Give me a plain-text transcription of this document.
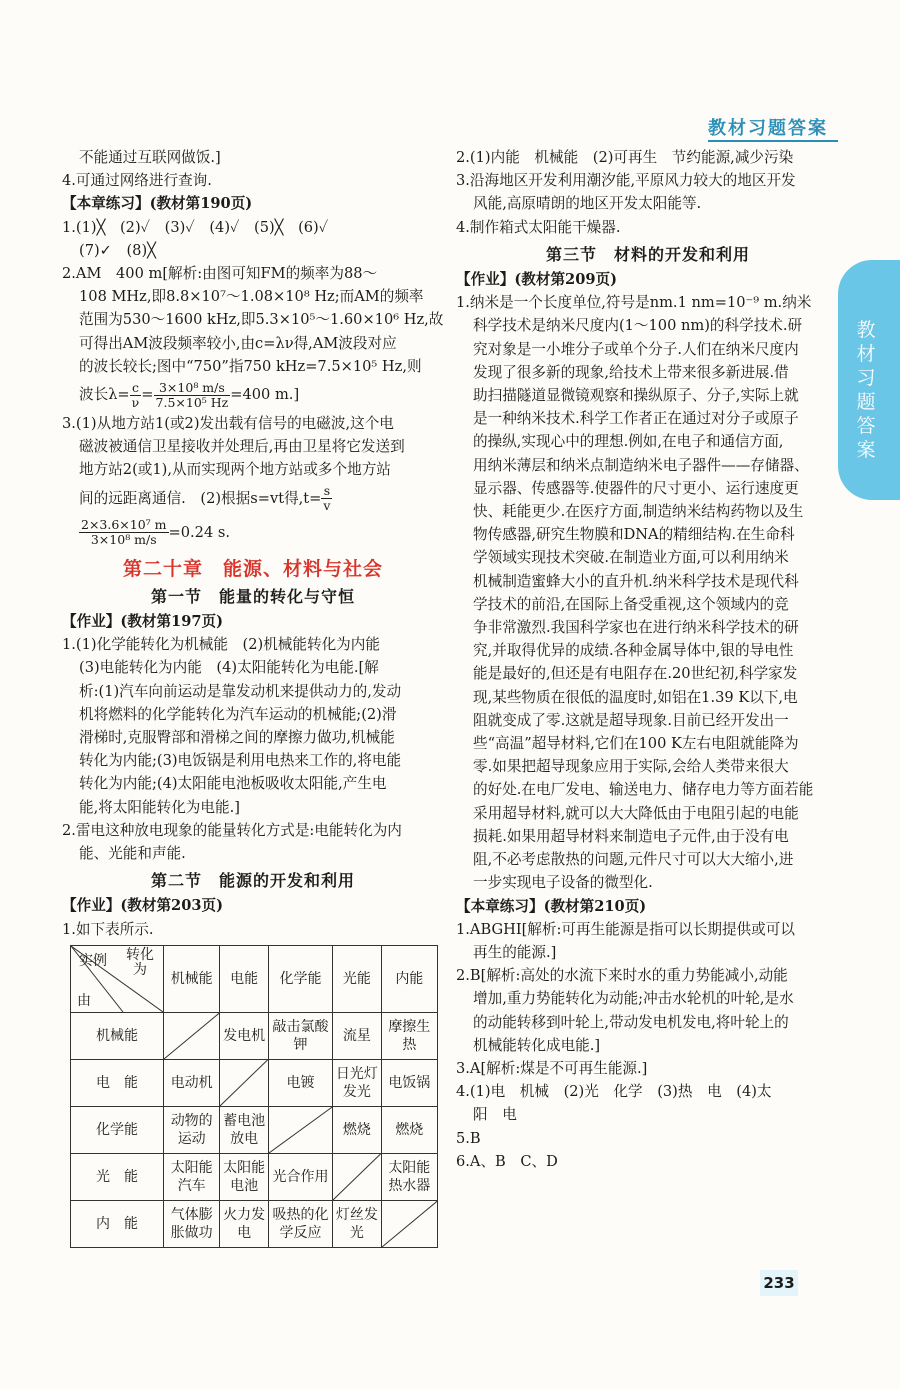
教材习题答案
教材习题答案

不能通过互联网做饭.]

4.可通过网络进行查询.

【本章练习】(教材第190页)

1.(1)╳　(2)✓　(3)✓　(4)✓　(5)╳　(6)✓

(7)✓　(8)╳

2.AM　400 m[解析:由图可知FM的频率为88～

108 MHz,即8.8×10⁷～1.08×10⁸ Hz;而AM的频率

范围为530～1600 kHz,即5.3×10⁵～1.60×10⁶ Hz,故

可得出AM波段频率较小,由c=λν得,AM波段对应

的波长较长;图中“750”指750 kHz=7.5×10⁵ Hz,则

波长$\lambda= \frac{c}{\nu} = \frac{\text{3×10⁸ m/s}}{\text{7.5×10⁵ Hz}} =400$ m.]

3.(1)从地方站1(或2)发出载有信号的电磁波,这个电

磁波被通信卫星接收并处理后,再由卫星将它发送到

地方站2(或1),从而实现两个地方站或多个地方站

间的远距离通信.　(2)根据s=vt得$,t= \frac{s}{v}$

$\frac{\text{2×3.6×10⁷ m}}{\text{3×10⁸ m/s}} =0.24$ s.

第二十章　能源、材料与社会
第一节　能量的转化与守恒

【作业】(教材第197页)

1.(1)化学能转化为机械能　(2)机械能转化为内能

(3)电能转化为内能　(4)太阳能转化为电能.[解

析:(1)汽车向前运动是靠发动机来提供动力的,发动

机将燃料的化学能转化为汽车运动的机械能;(2)滑

滑梯时,克服臀部和滑梯之间的摩擦力做功,机械能

转化为内能;(3)电饭锅是利用电热来工作的,将电能

转化为内能;(4)太阳能电池板吸收太阳能,产生电

能,将太阳能转化为电能.]

2.雷电这种放电现象的能量转化方式是:电能转化为内

能、光能和声能.

第二节　能源的开发和利用

【作业】(教材第203页)

1.如下表所示.

实例 转化为
由	机械能	电能	化学能	光能	内能
机械能		发电机	敲击氯酸钾	流星	摩擦生热
电　能	电动机		电镀	日光灯发光	电饭锅
化学能	动物的运动	蓄电池放电		燃烧	燃烧
光　能	太阳能汽车	太阳能电池	光合作用		太阳能热水器
内　能	气体膨胀做功	火力发电	吸热的化学反应	灯丝发光	

2.(1)内能　机械能　(2)可再生　节约能源,减少污染

3.沿海地区开发利用潮汐能,平原风力较大的地区开发

风能,高原晴朗的地区开发太阳能等.

4.制作箱式太阳能干燥器.

第三节　材料的开发和利用

【作业】(教材第209页)

1.纳米是一个长度单位,符号是nm.1 nm=10⁻⁹ m.纳米

科学技术是纳米尺度内(1～100 nm)的科学技术.研

究对象是一小堆分子或单个分子.人们在纳米尺度内

发现了很多新的现象,给技术上带来很多新进展.借

助扫描隧道显微镜观察和操纵原子、分子,实际上就

是一种纳米技术.科学工作者正在通过对分子或原子

的操纵,实现心中的理想.例如,在电子和通信方面,

用纳米薄层和纳米点制造纳米电子器件——存储器、

显示器、传感器等.使器件的尺寸更小、运行速度更

快、耗能更少.在医疗方面,制造纳米结构药物以及生

物传感器,研究生物膜和DNA的精细结构.在生命科

学领域实现技术突破.在制造业方面,可以利用纳米

机械制造蜜蜂大小的直升机.纳米科学技术是现代科

学技术的前沿,在国际上备受重视,这个领域内的竞

争非常激烈.我国科学家也在进行纳米科学技术的研

究,并取得优异的成绩.各种金属导体中,银的导电性

能是最好的,但还是有电阻存在.20世纪初,科学家发

现,某些物质在很低的温度时,如铝在1.39 K以下,电

阻就变成了零.这就是超导现象.目前已经开发出一

些“高温”超导材料,它们在100 K左右电阻就能降为

零.如果把超导现象应用于实际,会给人类带来很大

的好处.在电厂发电、输送电力、储存电力等方面若能

采用超导材料,就可以大大降低由于电阻引起的电能

损耗.如果用超导材料来制造电子元件,由于没有电

阻,不必考虑散热的问题,元件尺寸可以大大缩小,进

一步实现电子设备的微型化.

【本章练习】(教材第210页)

1.ABGHI[解析:可再生能源是指可以长期提供或可以

再生的能源.]

2.B[解析:高处的水流下来时水的重力势能减小,动能

增加,重力势能转化为动能;冲击水轮机的叶轮,是水

的动能转移到叶轮上,带动发电机发电,将叶轮上的

机械能转化成电能.]

3.A[解析:煤是不可再生能源.]

4.(1)电　机械　(2)光　化学　(3)热　电　(4)太

阳　电

5.B

6.A、B　C、D

233
